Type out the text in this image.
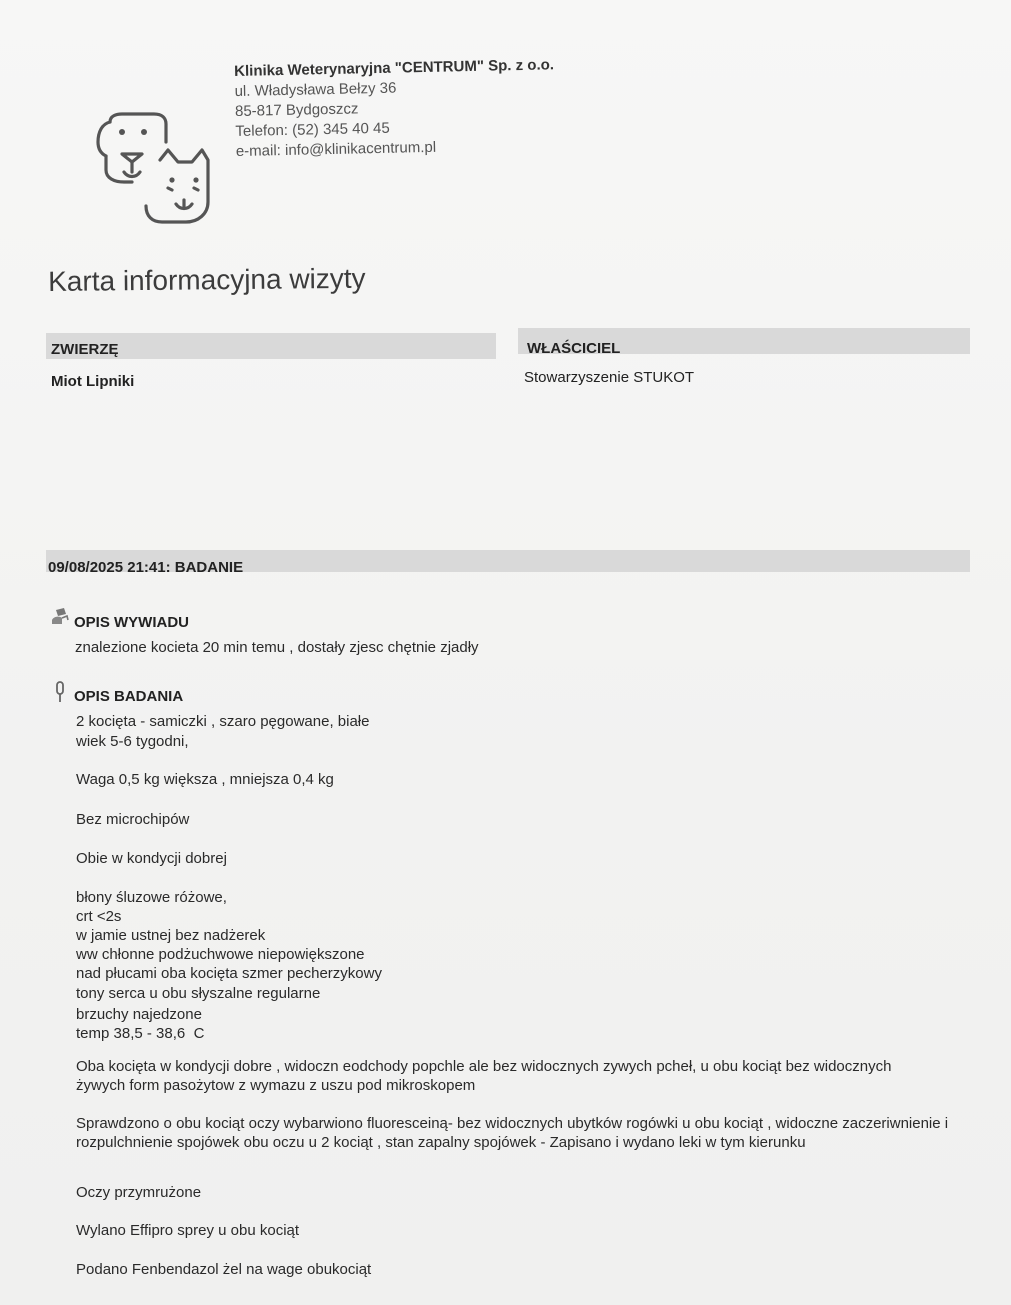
Klinika Weterynaryjna "CENTRUM" Sp. z o.o.
ul. Władysława Bełzy 36
85-817 Bydgoszcz
Telefon: (52) 345 40 45
e-mail: info@klinikacentrum.pl
Karta informacyjna wizyty
ZWIERZĘ
Miot Lipniki
WŁAŚCICIEL
Stowarzyszenie STUKOT
09/08/2025 21:41: BADANIE
OPIS WYWIADU
znalezione kocieta 20 min temu , dostały zjesc chętnie zjadły
OPIS BADANIA
2 kocięta - samiczki , szaro pęgowane, białe
wiek 5-6 tygodni,
Waga 0,5 kg większa , mniejsza 0,4 kg
Bez microchipów
Obie w kondycji dobrej
błony śluzowe różowe,
crt <2s
w jamie ustnej bez nadżerek
ww chłonne podżuchwowe niepowiększone
nad płucami oba kocięta szmer pecherzykowy
tony serca u obu słyszalne regularne
brzuchy najedzone
temp 38,5 - 38,6  C
Oba kocięta w kondycji dobre , widoczn eodchody popchle ale bez widocznych zywych pcheł, u obu kociąt bez widocznych żywych form pasożytow z wymazu z uszu pod mikroskopem
Sprawdzono o obu kociąt oczy wybarwiono fluoresceiną- bez widocznych ubytków rogówki u obu kociąt , widoczne zaczeriwnienie i rozpulchnienie spojówek obu oczu u 2 kociąt , stan zapalny spojówek - Zapisano i wydano leki w tym kierunku
Oczy przymrużone
Wylano Effipro sprey u obu kociąt
Podano Fenbendazol żel na wage obukociąt
